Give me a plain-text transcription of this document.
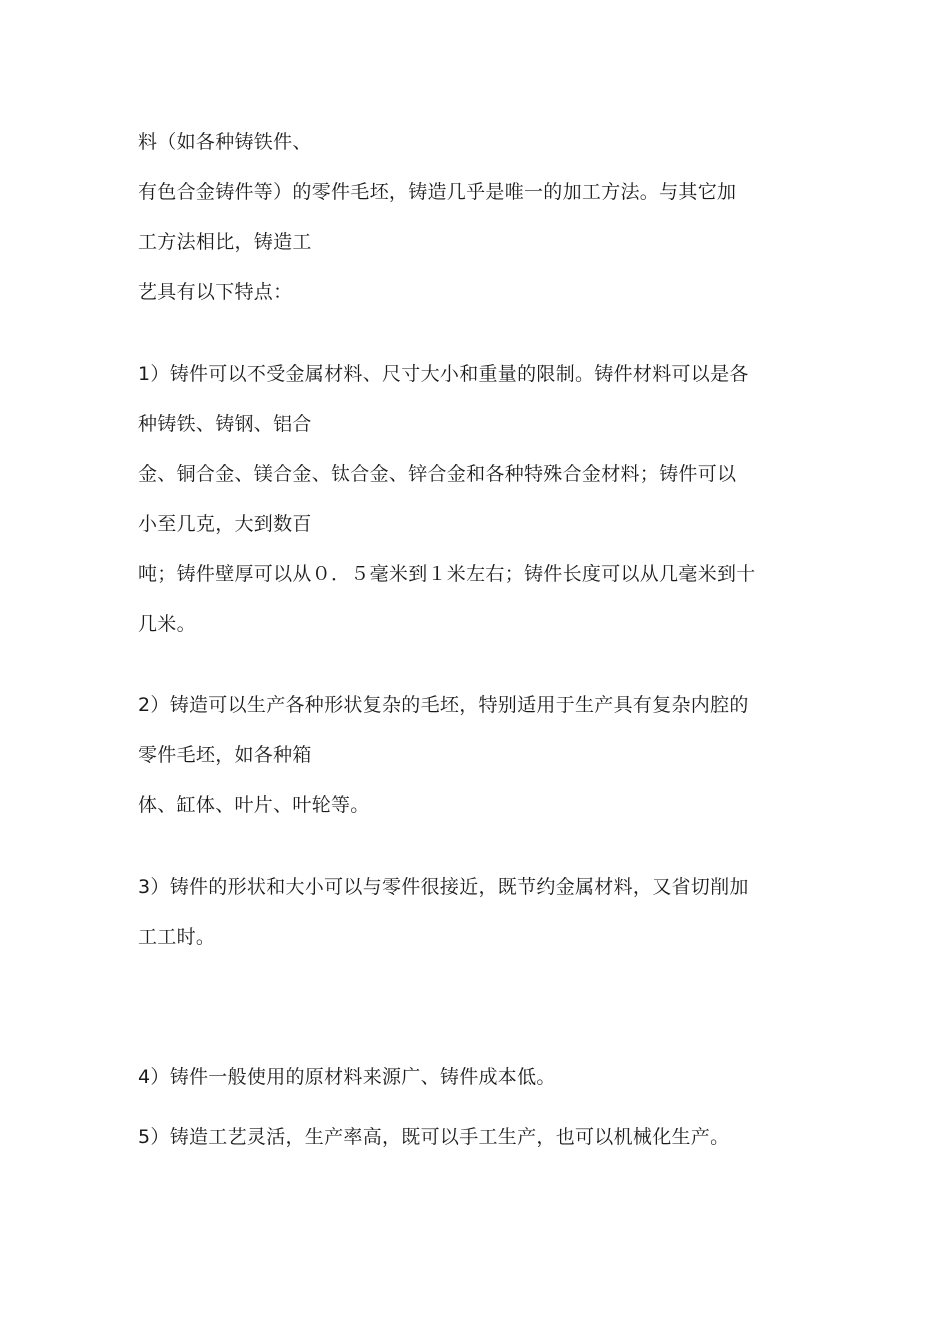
料（如各种铸铁件、
有色合金铸件等）的零件毛坯，铸造几乎是唯一的加工方法。与其它加
工方法相比，铸造工
艺具有以下特点：
1）铸件可以不受金属材料、尺寸大小和重量的限制。铸件材料可以是各
种铸铁、铸钢、铝合
金、铜合金、镁合金、钛合金、锌合金和各种特殊合金材料；铸件可以
小至几克，大到数百
吨；铸件壁厚可以从０．５毫米到１米左右；铸件长度可以从几毫米到十
几米。
2）铸造可以生产各种形状复杂的毛坯，特别适用于生产具有复杂内腔的
零件毛坯，如各种箱
体、缸体、叶片、叶轮等。
3）铸件的形状和大小可以与零件很接近，既节约金属材料，又省切削加
工工时。
4）铸件一般使用的原材料来源广、铸件成本低。
5）铸造工艺灵活，生产率高，既可以手工生产，也可以机械化生产。
